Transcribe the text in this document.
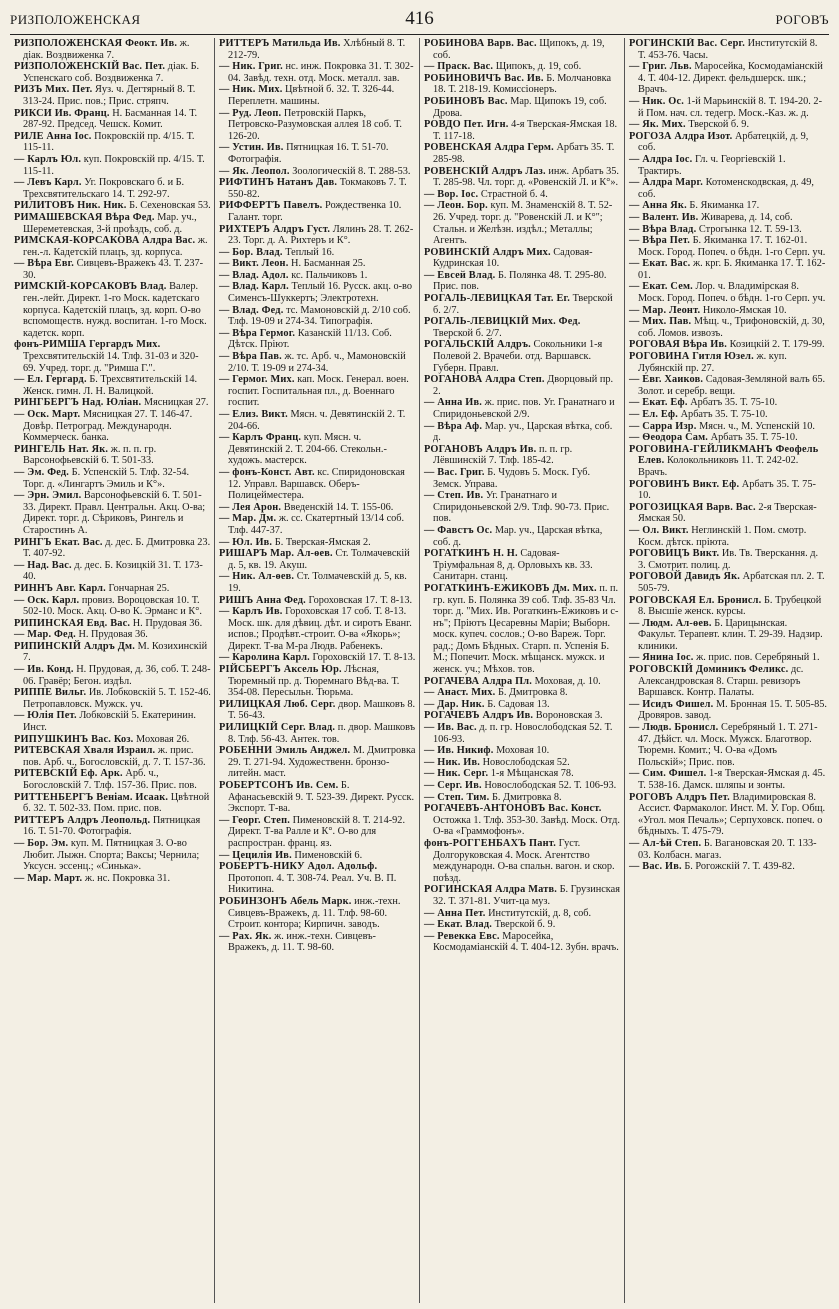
РИЗПОЛОЖЕНСКАЯ	416	РОГОВЪ

РИЗПОЛОЖЕНСКАЯ Феокт. Ив. ж. діак. Воздвиженка 7.

РИЗПОЛОЖЕНСКІЙ Вас. Пет. діак. Б. Успенскаго соб. Воздвиженка 7.

РИЗЪ Мих. Пет. Яуз. ч. Дегтярный 8. Т. 313-24. Прис. пов.; Прис. стряпч.

РИКСИ Ив. Франц. Н. Басманная 14. Т. 287-92. Председ. Чешск. Комит.

РИЛЕ Анна Іос. Покровскій пр. 4/15. Т. 115-11.

— Карлъ Юл. куп. Покровскій пр. 4/15. Т. 115-11.

— Левъ Карл. Уг. Покровскаго б. и Б. Трехсвятительскаго 14. Т. 292-97.

РИЛИТОВЪ Ник. Ник. Б. Сехеновская 53.

РИМАШЕВСКАЯ Вѣра Фед. Мар. уч., Шереметевская, 3-й проѣздъ, соб. д.

РИМСКАЯ-КОРСАКОВА Алдра Вас. ж. ген.-л. Кадетскій плацъ, зд. корпуса.

— Вѣра Евг. Сивцевъ-Вражекъ 43. Т. 237-30.

РИМСКІЙ-КОРСАКОВЪ Влад. Валер. ген.-лейт. Директ. 1-го Моск. кадетскаго корпуса. Кадетскій плацъ, зд. корп. О-во вспомоществ. нужд. воспитан. 1-го Моск. кадетск. корп.

фонъ-РИМША Гергардъ Мих. Трехсвятительскій 14. Тлф. 31-03 и 320-69. Учред. торг. д. "Римша Г.".

— Ел. Гергард. Б. Трехсвятительскій 14. Женск. гимн. Л. Н. Валицкой.

РИНГБЕРГЪ Над. Юліан. Мясницкая 27.

— Оск. Март. Мясницкая 27. Т. 146-47. Довѣр. Петроград. Международн. Коммерческ. банка.

РИНГЕЛЬ Нат. Як. ж. п. п. гр. Варсонофьевскій 6. Т. 501-33.

— Эм. Фед. Б. Успенскій 5. Тлф. 32-54. Торг. д. «Лингартъ Эмиль и К°».

— Эрн. Эмил. Варсонофьевскій 6. Т. 501-33. Директ. Правл. Центральн. Акц. О-ва; Директ. торг. д. Сѣриковъ, Рингель и Старостинъ А.

РИНГЪ Екат. Вас. д. дес. Б. Дмитровка 23. Т. 407-92.

— Над. Вас. д. дес. Б. Козицкій 31. Т. 173-40.

РИННЪ Авг. Карл. Гончарная 25.

— Оск. Карл. провиз. Вороцовская 10. Т. 502-10. Моск. Акц. О-во К. Эрманс и К°.

РИПИНСКАЯ Евд. Вас. Н. Прудовая 36.

— Мар. Фед. Н. Прудовая 36.

РИПИНСКІЙ Алдръ Дм. М. Козихинскій 7.

— Ив. Конд. Н. Прудовая, д. 36, соб. Т. 248-06. Гравёр; Бегон. издѣл.

РИППЕ Вильг. Ив. Лобковскій 5. Т. 152-46. Петропавловск. Мужск. уч.

— Юлія Пет. Лобковскій 5. Екатеринин. Инст.

РИПУШКИНЪ Вас. Коз. Моховая 26.

РИТЕВСКАЯ Хваля Израил. ж. прис. пов. Арб. ч., Богословскій, д. 7. Т. 157-36.

РИТЕВСКІЙ Еф. Арк. Арб. ч., Богословскій 7. Тлф. 157-36. Прис. пов.

РИТТЕНБЕРГЪ Веніам. Исаак. Цвѣтной б. 32. Т. 502-33. Пом. прис. пов.

РИТТЕРЪ Алдръ Леопольд. Пятницкая 16. Т. 51-70. Фотографія.

— Бор. Эм. куп. М. Пятницкая 3. О-во Любит. Лыжн. Спорта; Ваксы; Чернила; Уксусн. эссенц.; «Синька».

— Мар. Март. ж. нс. Покровка 31.

РИТТЕРЪ Матильда Ив. Хлѣбный 8. Т. 212-79.

— Ник. Григ. нс. инж. Покровка 31. Т. 302-04. Завѣд. техн. отд. Моск. металл. зав.

— Ник. Мих. Цвѣтной б. 32. Т. 326-44. Переплетн. машины.

— Руд. Леоп. Петровскій Паркъ, Петровско-Разумовская аллея 18 соб. Т. 126-20.

— Устин. Ив. Пятницкая 16. Т. 51-70. Фотографія.

— Як. Леопол. Зоологическій 8. Т. 288-53.

РИФТИНЪ Натанъ Дав. Токмаковъ 7. Т. 550-82.

РИФФЕРТЪ Павелъ. Рождественка 10. Галант. торг.

РИХТЕРЪ Алдръ Густ. Лялинъ 28. Т. 262-23. Торг. д. А. Рихтеръ и К°.

— Бор. Влад. Теплый 16.

— Викт. Леон. Н. Басманная 25.

— Влад. Адол. кс. Пальчиковъ 1.

— Влад. Карл. Теплый 16. Русск. акц. о-во Сименсъ-Шуккертъ; Электротехн.

— Влад. Фед. тс. Мамоновскій д. 2/10 соб. Тлф. 19-09 и 274-34. Типографія.

— Вѣра Гермог. Казанскій 11/13. Соб. Дѣтск. Пріют.

— Вѣра Пав. ж. тс. Арб. ч., Мамоновскій 2/10. Т. 19-09 и 274-34.

— Гермог. Мих. кап. Моск. Генерал. воен. госпит. Госпитальная пл., д. Военнаго госпит.

— Елиз. Викт. Мясн. ч. Девятинскій 2. Т. 204-66.

— Карлъ Франц. куп. Мясн. ч. Девятинскій 2. Т. 204-66. Стекольн.-художъ. мастерск.

— фонъ-Конст. Авт. кс. Спиридоновская 12. Управл. Варшавск. Оберъ-Полицейместера.

— Лея Арон. Введенскій 14. Т. 155-06.

— Мар. Дм. ж. сс. Скатертный 13/14 соб. Тлф. 447-37.

— Юл. Ив. Б. Тверская-Ямская 2.

РИШАРЪ Мар. Ал-ѳев. Ст. Толмачевскій д. 5, кв. 19. Акуш.

— Ник. Ал-ѳев. Ст. Толмачевскій д. 5, кв. 19.

РИШЪ Анна Фед. Гороховская 17. Т. 8-13.

— Карлъ Ив. Гороховская 17 соб. Т. 8-13. Моск. шк. для дѣвиц. дѣт. и сиротъ Еванг. испов.; Продѣвт.-строит. О-ва «Якорь»; Директ. Т-ва М-ра Людв. Рабенекъ.

— Каролина Карл. Гороховскій 17. Т. 8-13.

РІЙСБЕРГЪ Аксель Юр. Лѣсная, Тюремный пр. д. Тюремнаго Вѣд-ва. Т. 354-08. Пересыльн. Тюрьма.

РИЛИЦКАЯ Люб. Серг. двор. Машковъ 8. Т. 56-43.

РИЛИЦКІЙ Серг. Влад. п. двор. Машковъ 8. Тлф. 56-43. Антек. тов.

РОБЕННИ Эмиль Анджел. М. Дмитровка 29. Т. 271-94. Художественн. бронзо-литейн. маст.

РОБЕРТСОНЪ Ив. Сем. Б. Афанасьевскій 9. Т. 523-39. Директ. Русск. Экспорт. Т-ва.

— Георг. Степ. Пименовскій 8. Т. 214-92. Директ. Т-ва Ралле и К°. О-во для распростран. франц. яз.

— Цецилія Ив. Пименовскій 6.

РОБЕРТЪ-НИКУ Адол. Адольф. Протопоп. 4. Т. 308-74. Реал. Уч. В. П. Никитина.

РОБИНЗОНЪ Абель Марк. инж.-техн. Сивцевъ-Вражекъ, д. 11. Тлф. 98-60. Строит. контора; Кирпичн. заводъ.

— Рах. Як. ж. инж.-техн. Сивцевъ-Вражекъ, д. 11. Т. 98-60.

РОБИНОВА Варв. Вас. Щипокъ, д. 19, соб.

— Праск. Вас. Щипокъ, д. 19, соб.

РОБИНОВИЧЪ Вас. Ив. Б. Молчановка 18. Т. 218-19. Комиссіонеръ.

РОБИНОВЪ Вас. Мар. Щипокъ 19, соб. Дрова.

РОВДО Пет. Игн. 4-я Тверская-Ямская 18. Т. 117-18.

РОВЕНСКАЯ Алдра Герм. Арбатъ 35. Т. 285-98.

РОВЕНСКІЙ Алдръ Лаз. инж. Арбатъ 35. Т. 285-98. Чл. торг. д. «Ровенскій Л. и К°».

— Вор. Іос. Страстной б. 4.

— Леон. Бор. куп. М. Знаменскій 8. Т. 52-26. Учред. торг. д. "Ровенскій Л. и К°"; Стальн. и Желѣзн. издѣл.; Металлы; Агентъ.

РОВИНСКІЙ Алдръ Мих. Садовая-Кудринская 10.

— Евсей Влад. Б. Полянка 48. Т. 295-80. Прис. пов.

РОГАЛЬ-ЛЕВИЦКАЯ Тат. Ег. Тверской б. 2/7.

РОГАЛЬ-ЛЕВИЦКІЙ Мих. Фед. Тверской б. 2/7.

РОГАЛЬСКІЙ Алдръ. Сокольники 1-я Полевой 2. Врачеби. отд. Варшавск. Губерн. Правл.

РОГАНОВА Алдра Степ. Дворцовый пр. 2.

— Анна Ив. ж. прис. пов. Уг. Гранатнаго и Спиридоньевской 2/9.

— Вѣра Аф. Мар. уч., Царская вѣтка, соб. д.

РОГАНОВЪ Алдръ Ив. п. п. гр. Лёвшинскій 7. Тлф. 185-42.

— Вас. Григ. Б. Чудовъ 5. Моск. Губ. Земск. Управа.

— Степ. Ив. Уг. Гранатнаго и Спиридоньевской 2/9. Тлф. 90-73. Прис. пов.

— Фавстъ Ос. Мар. уч., Царская вѣтка, соб. д.

РОГАТКИНЪ Н. Н. Садовая-Тріумфальная 8, д. Орловыхъ кв. 33. Санитарн. станц.

РОГАТКИНЪ-ЕЖИКОВЪ Дм. Мих. п. п. гр. куп. Б. Полянка 39 соб. Тлф. 35-83 Чл. торг. д. "Мих. Ив. Рогаткинъ-Ежиковъ и с-нъ"; Пріютъ Цесаревны Маріи; Выборн. моск. купеч. сослов.; О-во Вареж. Торг. рад.; Домъ Бѣдных. Старп. п. Успенія Б. М.; Попечит. Моск. мѣщанск. мужск. и женск. уч.; Мѣхов. тов.

РОГАЧЕВА Алдра Пл. Моховая, д. 10.

— Анаст. Мих. Б. Дмитровка 8.

— Дар. Ник. Б. Садовая 13.

РОГАЧЕВЪ Алдръ Ив. Вороновская 3.

— Ив. Вас. д. п. гр. Новослободская 52. Т. 106-93.

— Ив. Никиф. Моховая 10.

— Ник. Ив. Новослободская 52.

— Ник. Серг. 1-я Мѣщанская 78.

— Серг. Ив. Новослободская 52. Т. 106-93.

— Степ. Тим. Б. Дмитровка 8.

РОГАЧЕВЪ-АНТОНОВЪ Вас. Конст. Остожка 1. Тлф. 353-30. Завѣд. Моск. Отд. О-ва «Граммофонъ».

фонъ-РОГГЕНБАХЪ Пант. Густ. Долгоруковская 4. Моск. Агентство международн. О-ва спальн. вагон. и скор. поѣзд.

РОГИНСКАЯ Алдра Матв. Б. Грузинская 32. Т. 371-81. Учит-ца муз.

— Анна Пет. Институтскій, д. 8, соб.

— Екат. Влад. Тверской б. 9.

— Ревекка Евс. Маросейка, Космодаміанскій 4. Т. 404-12. Зубн. врачъ.

РОГИНСКІЙ Вас. Серг. Институтскій 8. Т. 453-76. Часы.

— Григ. Льв. Маросейка, Космодаміанскій 4. Т. 404-12. Директ. фельдшерск. шк.; Врачъ.

— Ник. Ос. 1-й Марьинскій 8. Т. 194-20. 2-й Пом. нач. сл. тедегр. Моск.-Каз. ж. д.

— Як. Мих. Тверской б. 9.

РОГОЗА Алдра Изот. Арбатецкій, д. 9, соб.

— Алдра Іос. Гл. ч. Георгіевскій 1. Трактиръ.

— Алдра Марг. Котоменскодвская, д. 49, соб.

— Анна Як. Б. Якиманка 17.

— Валент. Ив. Живарева, д. 14, соб.

— Вѣра Влад. Строгынка 12. Т. 59-13.

— Вѣра Пет. Б. Якиманка 17. Т. 162-01. Моск. Город. Попеч. о бѣдн. 1-го Серп. уч.

— Екат. Вас. ж. крг. Б. Якиманка 17. Т. 162-01.

— Екат. Сем. Лор. ч. Владимірская 8. Моск. Город. Попеч. о бѣдн. 1-го Серп. уч.

— Мар. Леонт. Николо-Ямская 10.

— Мих. Пав. Мѣщ. ч., Трифоновскій, д. 30, соб. Ломов. извозъ.

РОГОВАЯ Вѣра Ив. Козицкій 2. Т. 179-99.

РОГОВИНА Гитля Юзел. ж. куп. Лубянскій пр. 27.

— Евг. Хаиков. Садовая-Земляной валъ 65. Золот. и серебр. вещи.

— Екат. Еф. Арбатъ 35. Т. 75-10.

— Ел. Еф. Арбатъ 35. Т. 75-10.

— Сарра Изр. Мясн. ч., М. Успенскій 10.

— Ѳеодора Сам. Арбатъ 35. Т. 75-10.

РОГОВИНА-ГЕЙЛИКМАНЪ Феофель Елев. Колокольниковъ 11. Т. 242-02. Врачъ.

РОГОВИНЪ Викт. Еф. Арбатъ 35. Т. 75-10.

РОГОЗИЦКАЯ Варв. Вас. 2-я Тверская-Ямская 50.

— Ол. Викт. Неглинскій 1. Пом. смотр. Косм. дѣтск. пріюта.

РОГОВИЦЪ Викт. Ив. Тв. Тверскання. д. 3. Смотрит. полиц. д.

РОГОВОЙ Давидъ Як. Арбатская пл. 2. Т. 505-79.

РОГОВСКАЯ Ел. Бронисл. Б. Трубецкой 8. Высшіе женск. курсы.

— Людм. Ал-ѳев. Б. Царицынская. Факульт. Терапевт. клин. Т. 29-39. Надзир. клиники.

— Янина Іос. ж. прис. пов. Серебряный 1.

РОГОВСКІЙ Доминикъ Феликс. дс. Александровская 8. Старш. ревизоръ Варшавск. Контр. Палаты.

— Исидъ Фишел. М. Бронная 15. Т. 505-85. Дровяров. завод.

— Людв. Бронисл. Серебряный 1. Т. 271-47. Дѣйст. чл. Моск. Мужск. Благотвор. Тюремн. Комит.; Ч. О-ва «Домъ Польскій»; Прис. пов.

— Сим. Фишел. 1-я Тверская-Ямская д. 45. Т. 538-16. Дамск. шляпы и зонты.

РОГОВЪ Алдръ Пет. Владимировская 8. Ассист. Фармаколог. Инст. М. У. Гор. Общ. «Угол. моя Печаль»; Серпуховск. попеч. о бѣдныхъ. Т. 475-79.

— Ал-ѣй Степ. Б. Вагановская 20. Т. 133-03. Колбасн. магаз.

— Вас. Ив. Б. Рогожскій 7. Т. 439-82.
